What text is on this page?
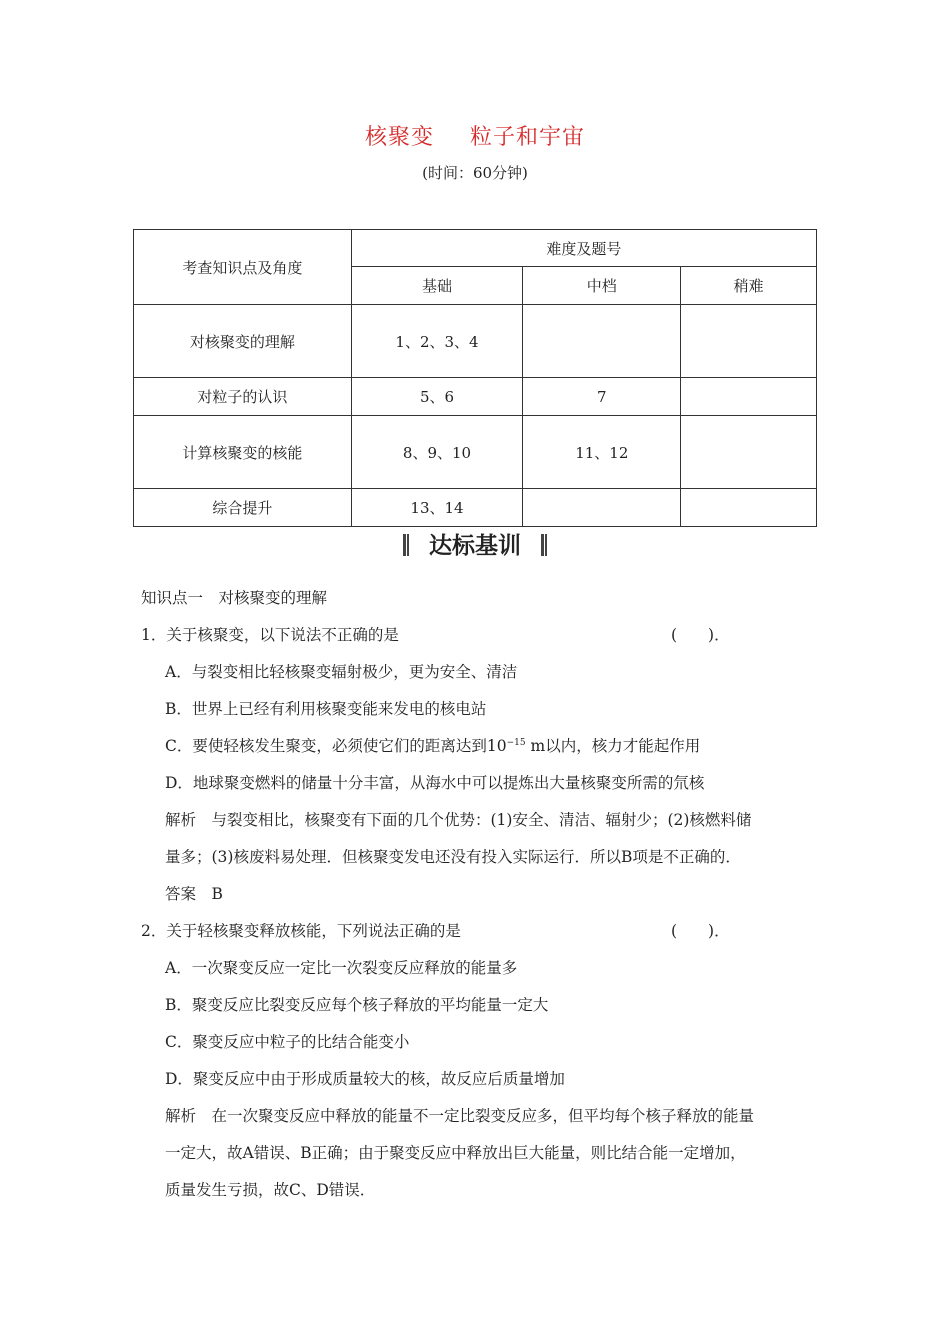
核聚变 粒子和宇宙
(时间：60分钟)
考查知识点及角度	难度及题号		
	基础	中档	稍难
对核聚变的理解	1、2、3、4		
对粒子的认识	5、6	7	
计算核聚变的核能	8、9、10	11、12	
综合提升	13、14		
达标基训
知识点一　对核聚变的理解
1．关于核聚变，以下说法不正确的是	(　　)．
A．与裂变相比轻核聚变辐射极少，更为安全、清洁
B．世界上已经有利用核聚变能来发电的核电站
C．要使轻核发生聚变，必须使它们的距离达到$10^{-15}$ m以内，核力才能起作用
D．地球聚变燃料的储量十分丰富，从海水中可以提炼出大量核聚变所需的氘核
解析　与裂变相比，核聚变有下面的几个优势：(1)安全、清洁、辐射少；(2)核燃料储
量多；(3)核废料易处理．但核聚变发电还没有投入实际运行．所以B项是不正确的．
答案　B
2．关于轻核聚变释放核能，下列说法正确的是	(　　)．
A．一次聚变反应一定比一次裂变反应释放的能量多
B．聚变反应比裂变反应每个核子释放的平均能量一定大
C．聚变反应中粒子的比结合能变小
D．聚变反应中由于形成质量较大的核，故反应后质量增加
解析　在一次聚变反应中释放的能量不一定比裂变反应多，但平均每个核子释放的能量
一定大，故A错误、B正确；由于聚变反应中释放出巨大能量，则比结合能一定增加，
质量发生亏损，故C、D错误．
